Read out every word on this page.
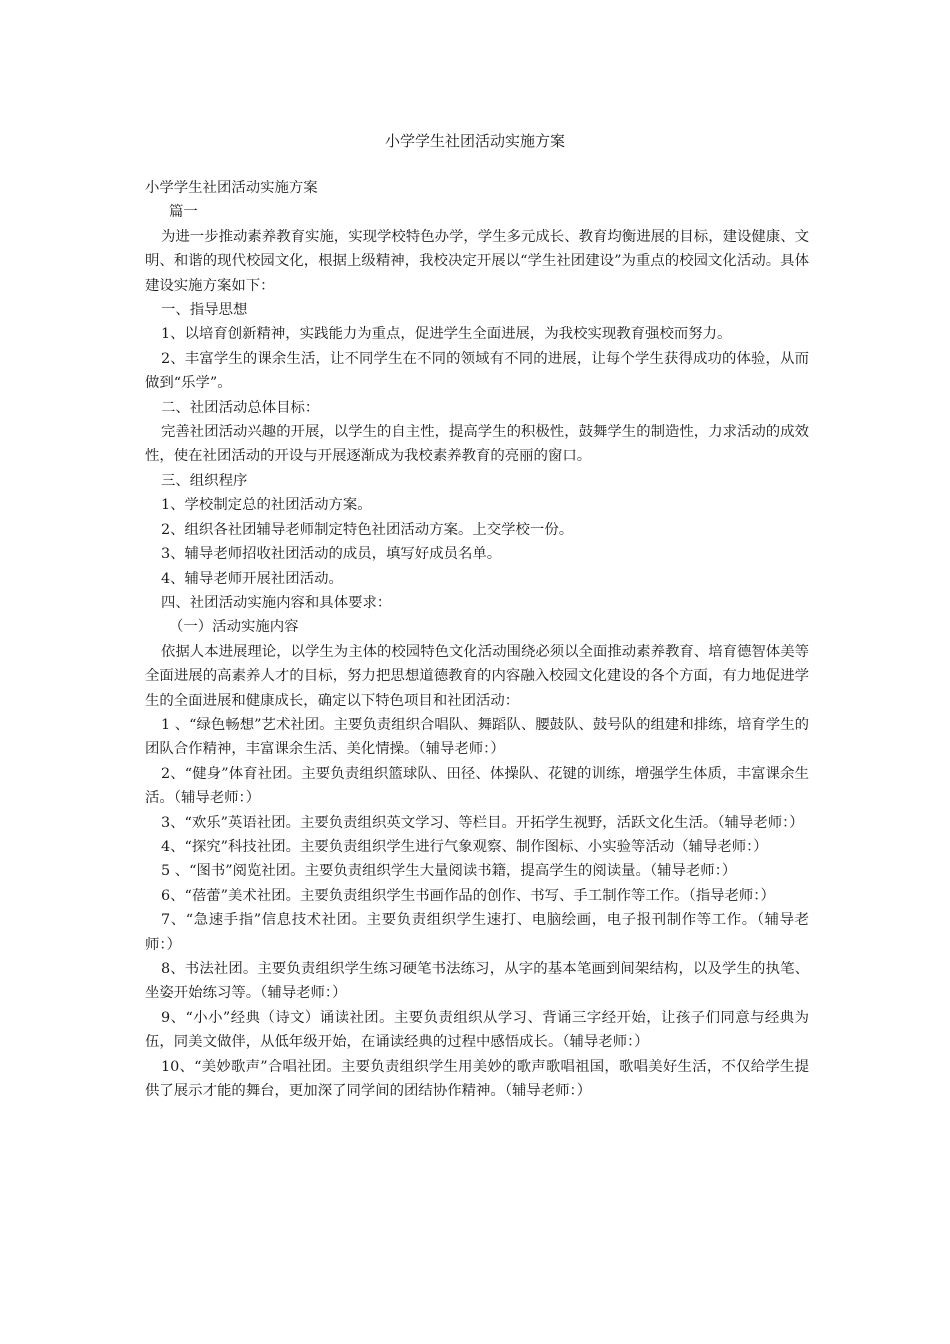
小学学生社团活动实施方案

小学学生社团活动实施方案

篇一

为进一步推动素养教育实施，实现学校特色办学，学生多元成长、教育均衡进展的目标，建设健康、文明、和谐的现代校园文化，根据上级精神，我校决定开展以“学生社团建设”为重点的校园文化活动。具体建设实施方案如下：

一、指导思想

1、以培育创新精神，实践能力为重点，促进学生全面进展，为我校实现教育强校而努力。

2、丰富学生的课余生活，让不同学生在不同的领域有不同的进展，让每个学生获得成功的体验，从而做到“乐学”。

二、社团活动总体目标：

完善社团活动兴趣的开展，以学生的自主性，提高学生的积极性，鼓舞学生的制造性，力求活动的成效性，使在社团活动的开设与开展逐渐成为我校素养教育的亮丽的窗口。

三、组织程序

1、学校制定总的社团活动方案。

2、组织各社团辅导老师制定特色社团活动方案。上交学校一份。

3、辅导老师招收社团活动的成员，填写好成员名单。

4、辅导老师开展社团活动。

四、社团活动实施内容和具体要求：

（一）活动实施内容

依据人本进展理论，以学生为主体的校园特色文化活动围绕必须以全面推动素养教育、培育德智体美等全面进展的高素养人才的目标，努力把思想道德教育的内容融入校园文化建设的各个方面，有力地促进学生的全面进展和健康成长，确定以下特色项目和社团活动：

1 、“绿色畅想”艺术社团。主要负责组织合唱队、舞蹈队、腰鼓队、鼓号队的组建和排练，培育学生的团队合作精神，丰富课余生活、美化情操。（辅导老师：）

2、“健身”体育社团。主要负责组织篮球队、田径、体操队、花键的训练，增强学生体质，丰富课余生活。（辅导老师：）

3、“欢乐”英语社团。主要负责组织英文学习、等栏目。开拓学生视野，活跃文化生活。（辅导老师：）

4、“探究”科技社团。主要负责组织学生进行气象观察、制作图标、小实验等活动（辅导老师：）

5 、“图书”阅览社团。主要负责组织学生大量阅读书籍，提高学生的阅读量。（辅导老师：）

6、“蓓蕾”美术社团。主要负责组织学生书画作品的创作、书写、手工制作等工作。（指导老师：）

7、“急速手指”信息技术社团。主要负责组织学生速打、电脑绘画，电子报刊制作等工作。（辅导老师：）

8、书法社团。主要负责组织学生练习硬笔书法练习，从字的基本笔画到间架结构，以及学生的执笔、坐姿开始练习等。（辅导老师：）

9、“小小”经典（诗文）诵读社团。主要负责组织从学习、背诵三字经开始，让孩子们同意与经典为伍，同美文做伴，从低年级开始，在诵读经典的过程中感悟成长。（辅导老师：）

10、“美妙歌声”合唱社团。主要负责组织学生用美妙的歌声歌唱祖国，歌唱美好生活，不仅给学生提供了展示才能的舞台，更加深了同学间的团结协作精神。（辅导老师：）
